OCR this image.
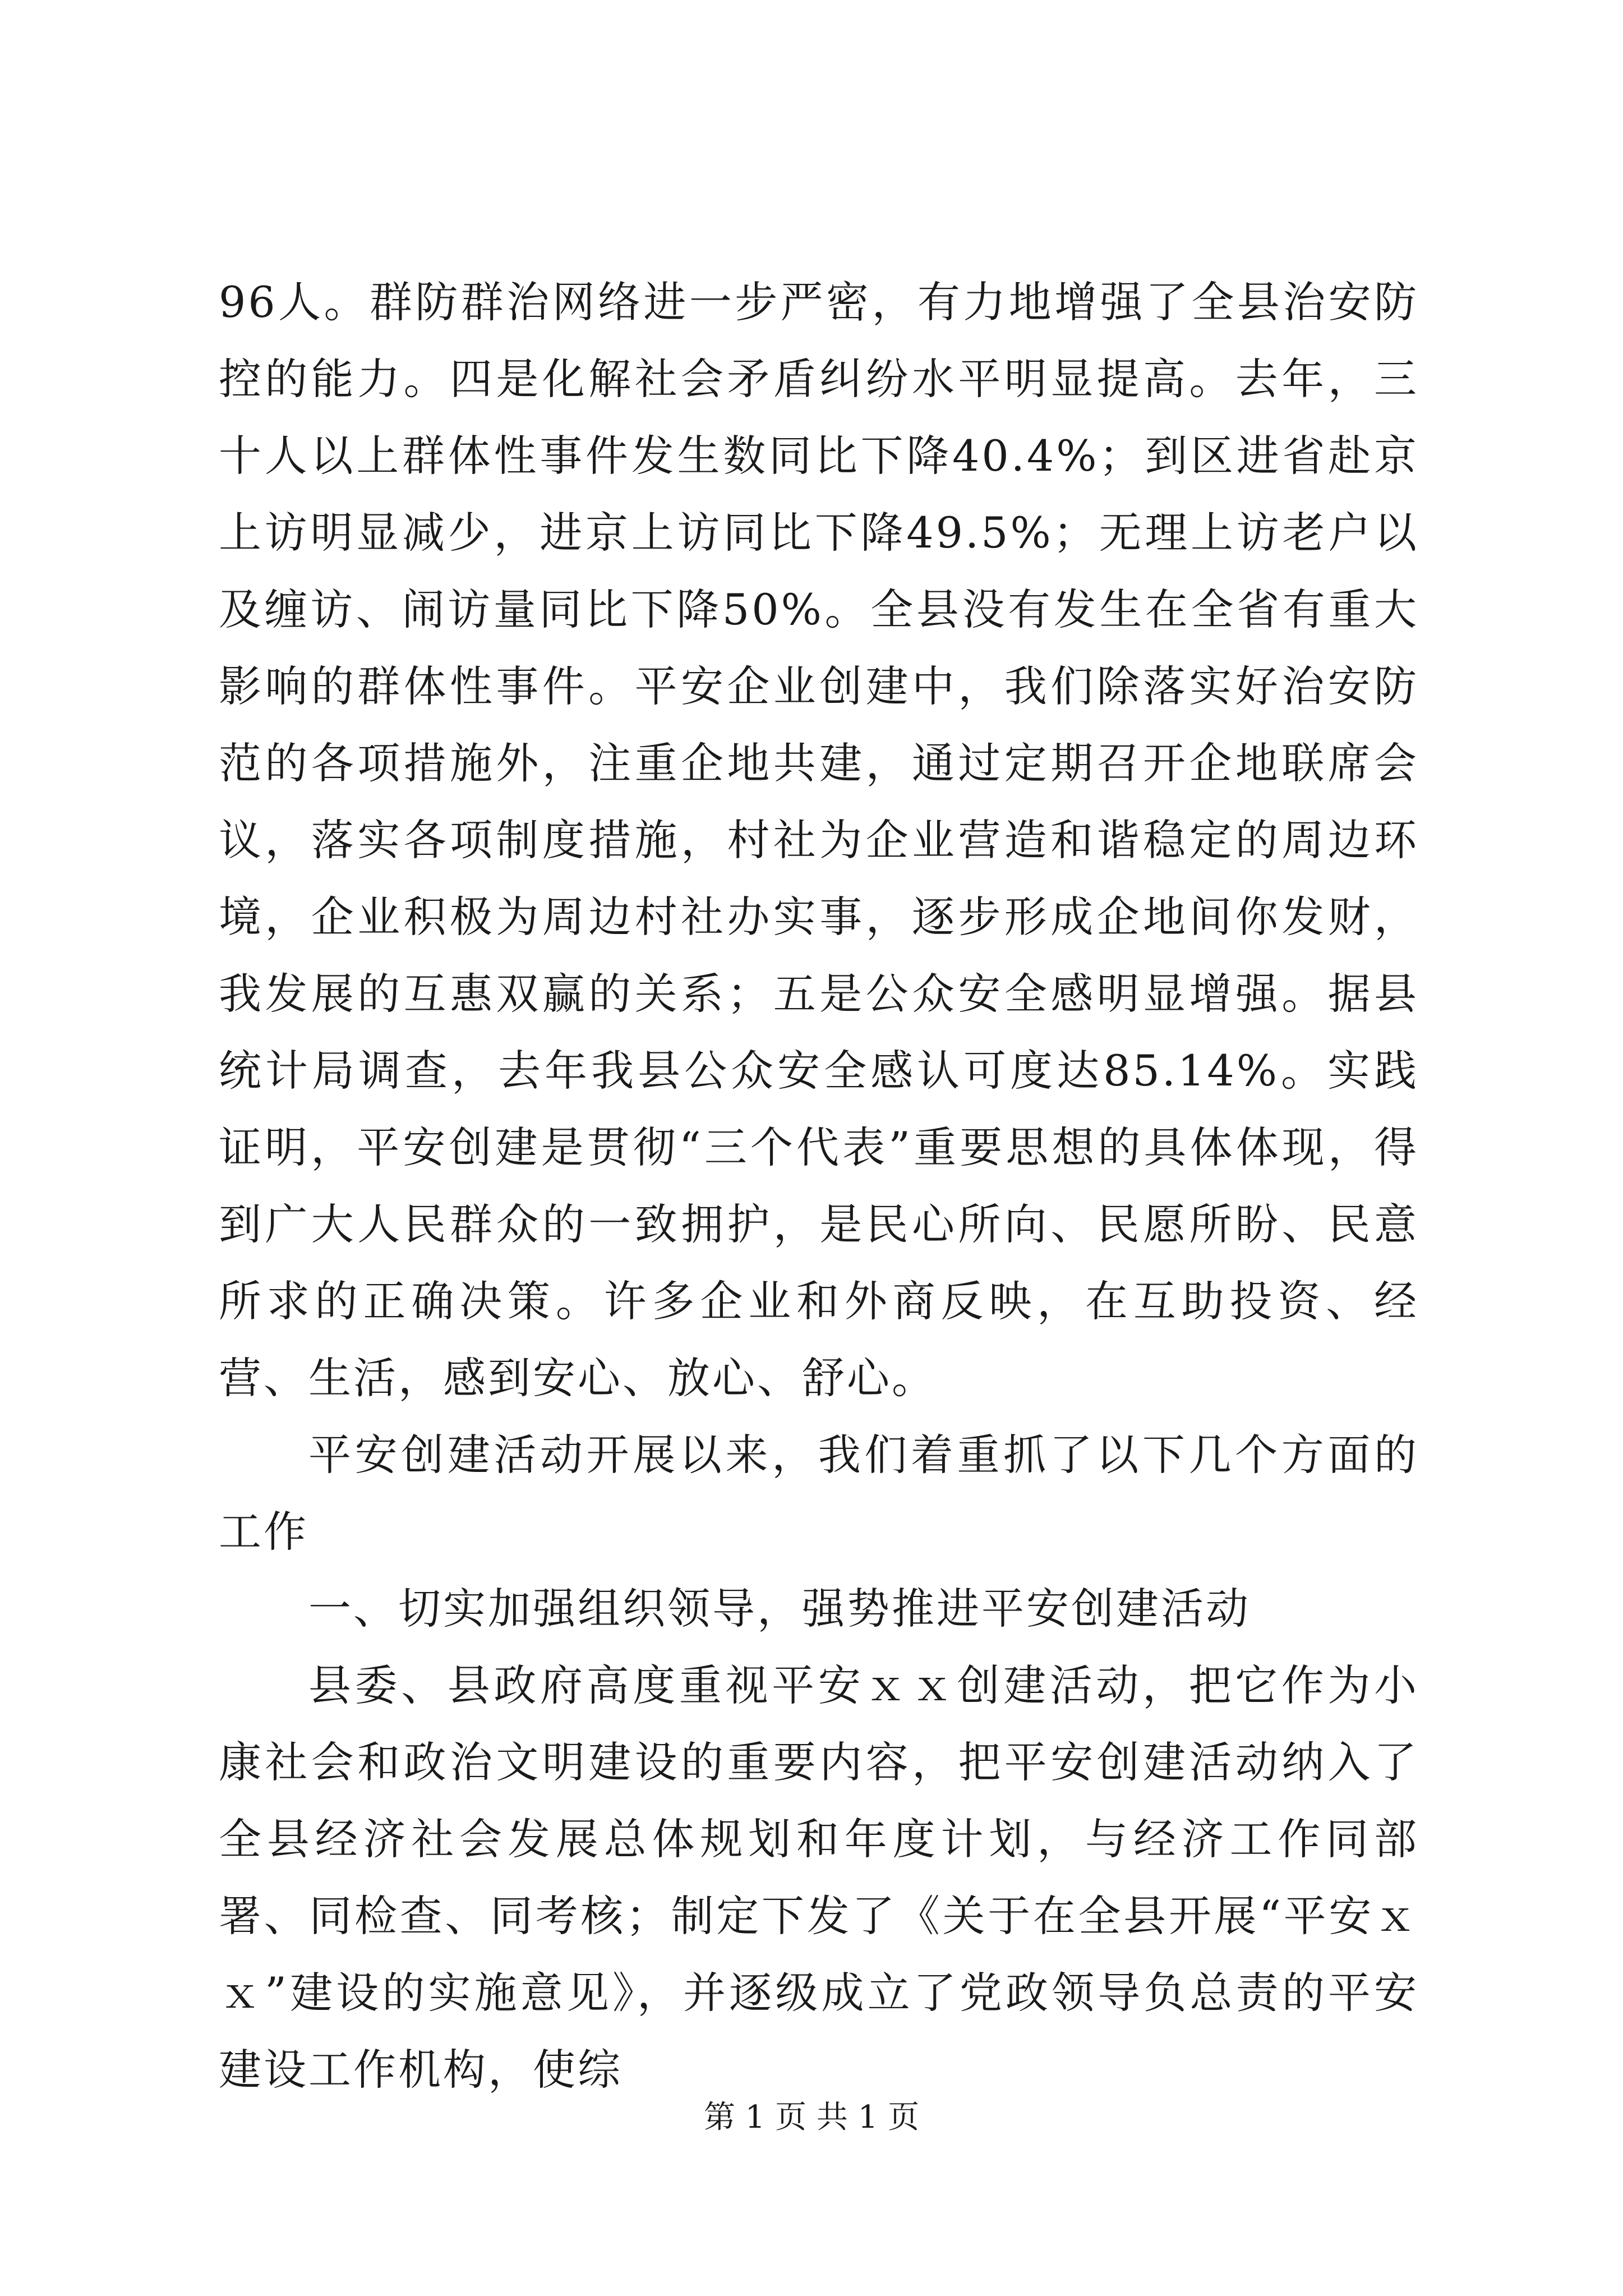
96人。群防群治网络进一步严密，有力地增强了全县治安防控的能力。四是化解社会矛盾纠纷水平明显提高。去年，三十人以上群体性事件发生数同比下降40.4%；到区进省赴京上访明显减少，进京上访同比下降49.5%；无理上访老户以及缠访、闹访量同比下降50%。全县没有发生在全省有重大影响的群体性事件。平安企业创建中，我们除落实好治安防范的各项措施外，注重企地共建，通过定期召开企地联席会议，落实各项制度措施，村社为企业营造和谐稳定的周边环境，企业积极为周边村社办实事，逐步形成企地间你发财，我发展的互惠双赢的关系；五是公众安全感明显增强。据县统计局调查，去年我县公众安全感认可度达85.14%。实践证明，平安创建是贯彻“三个代表”重要思想的具体体现，得到广大人民群众的一致拥护，是民心所向、民愿所盼、民意所求的正确决策。许多企业和外商反映，在互助投资、经营、生活，感到安心、放心、舒心。

平安创建活动开展以来，我们着重抓了以下几个方面的工作

一、切实加强组织领导，强势推进平安创建活动

县委、县政府高度重视平安ｘｘ创建活动，把它作为小康社会和政治文明建设的重要内容，把平安创建活动纳入了全县经济社会发展总体规划和年度计划，与经济工作同部署、同检查、同考核；制定下发了《关于在全县开展“平安ｘｘ”建设的实施意见》，并逐级成立了党政领导负总责的平安建设工作机构，使综

第 1 页 共 1 页
